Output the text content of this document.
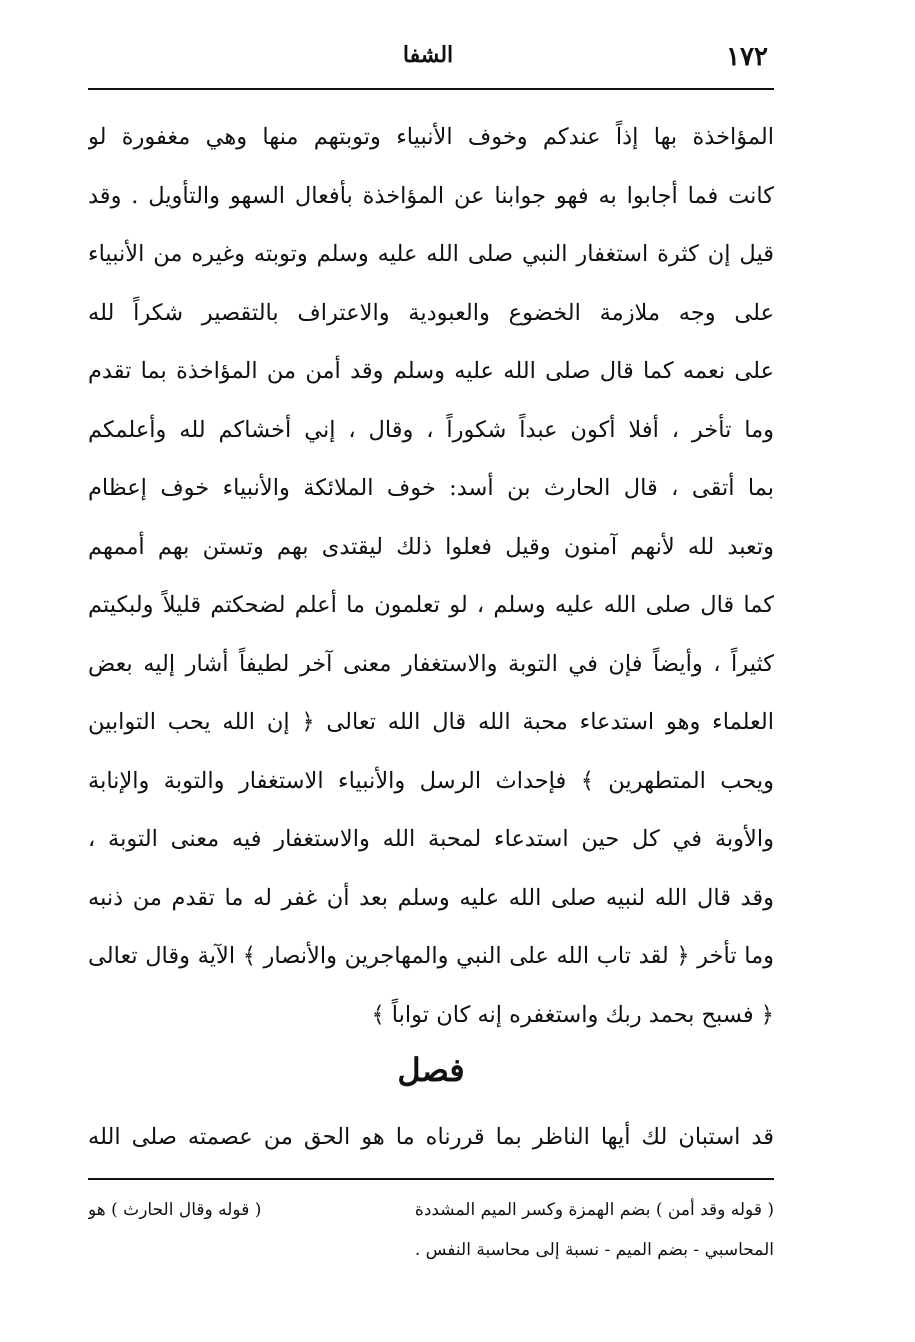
١٧٢
الشفا
المؤاخذة بها إذاً عندكم وخوف الأنبياء وتوبتهم منها وهي مغفورة لو
كانت فما أجابوا به فهو جوابنا عن المؤاخذة بأفعال السهو والتأويل . وقد
قيل إن كثرة استغفار النبي صلى الله عليه وسلم وتوبته وغيره من الأنبياء
على وجه ملازمة الخضوع والعبودية والاعتراف بالتقصير شكراً لله
على نعمه كما قال صلى الله عليه وسلم وقد أمن من المؤاخذة بما تقدم
وما تأخر ، أفلا أكون عبداً شكوراً ، وقال ، إني أخشاكم لله وأعلمكم
بما أتقى ، قال الحارث بن أسد: خوف الملائكة والأنبياء خوف إعظام
وتعبد لله لأنهم آمنون وقيل فعلوا ذلك ليقتدى بهم وتستن بهم أممهم
كما قال صلى الله عليه وسلم ، لو تعلمون ما أعلم لضحكتم قليلاً ولبكيتم
كثيراً ، وأيضاً فإن في التوبة والاستغفار معنى آخر لطيفاً أشار إليه بعض
العلماء وهو استدعاء محبة الله قال الله تعالى ﴿ إن الله يحب التوابين
ويحب المتطهرين ﴾ فإحداث الرسل والأنبياء الاستغفار والتوبة والإنابة
والأوبة في كل حين استدعاء لمحبة الله والاستغفار فيه معنى التوبة ،
وقد قال الله لنبيه صلى الله عليه وسلم بعد أن غفر له ما تقدم من ذنبه
وما تأخر ﴿ لقد تاب الله على النبي والمهاجرين والأنصار ﴾ الآية وقال تعالى
﴿ فسبح بحمد ربك واستغفره إنه كان تواباً ﴾
فصل
قد استبان لك أيها الناظر بما قررناه ما هو الحق من عصمته صلى الله
( قوله وقد أمن ) بضم الهمزة وكسر الميم المشددة
( قوله وقال الحارث ) هو
المحاسبي - بضم الميم - نسبة إلى محاسبة النفس .
